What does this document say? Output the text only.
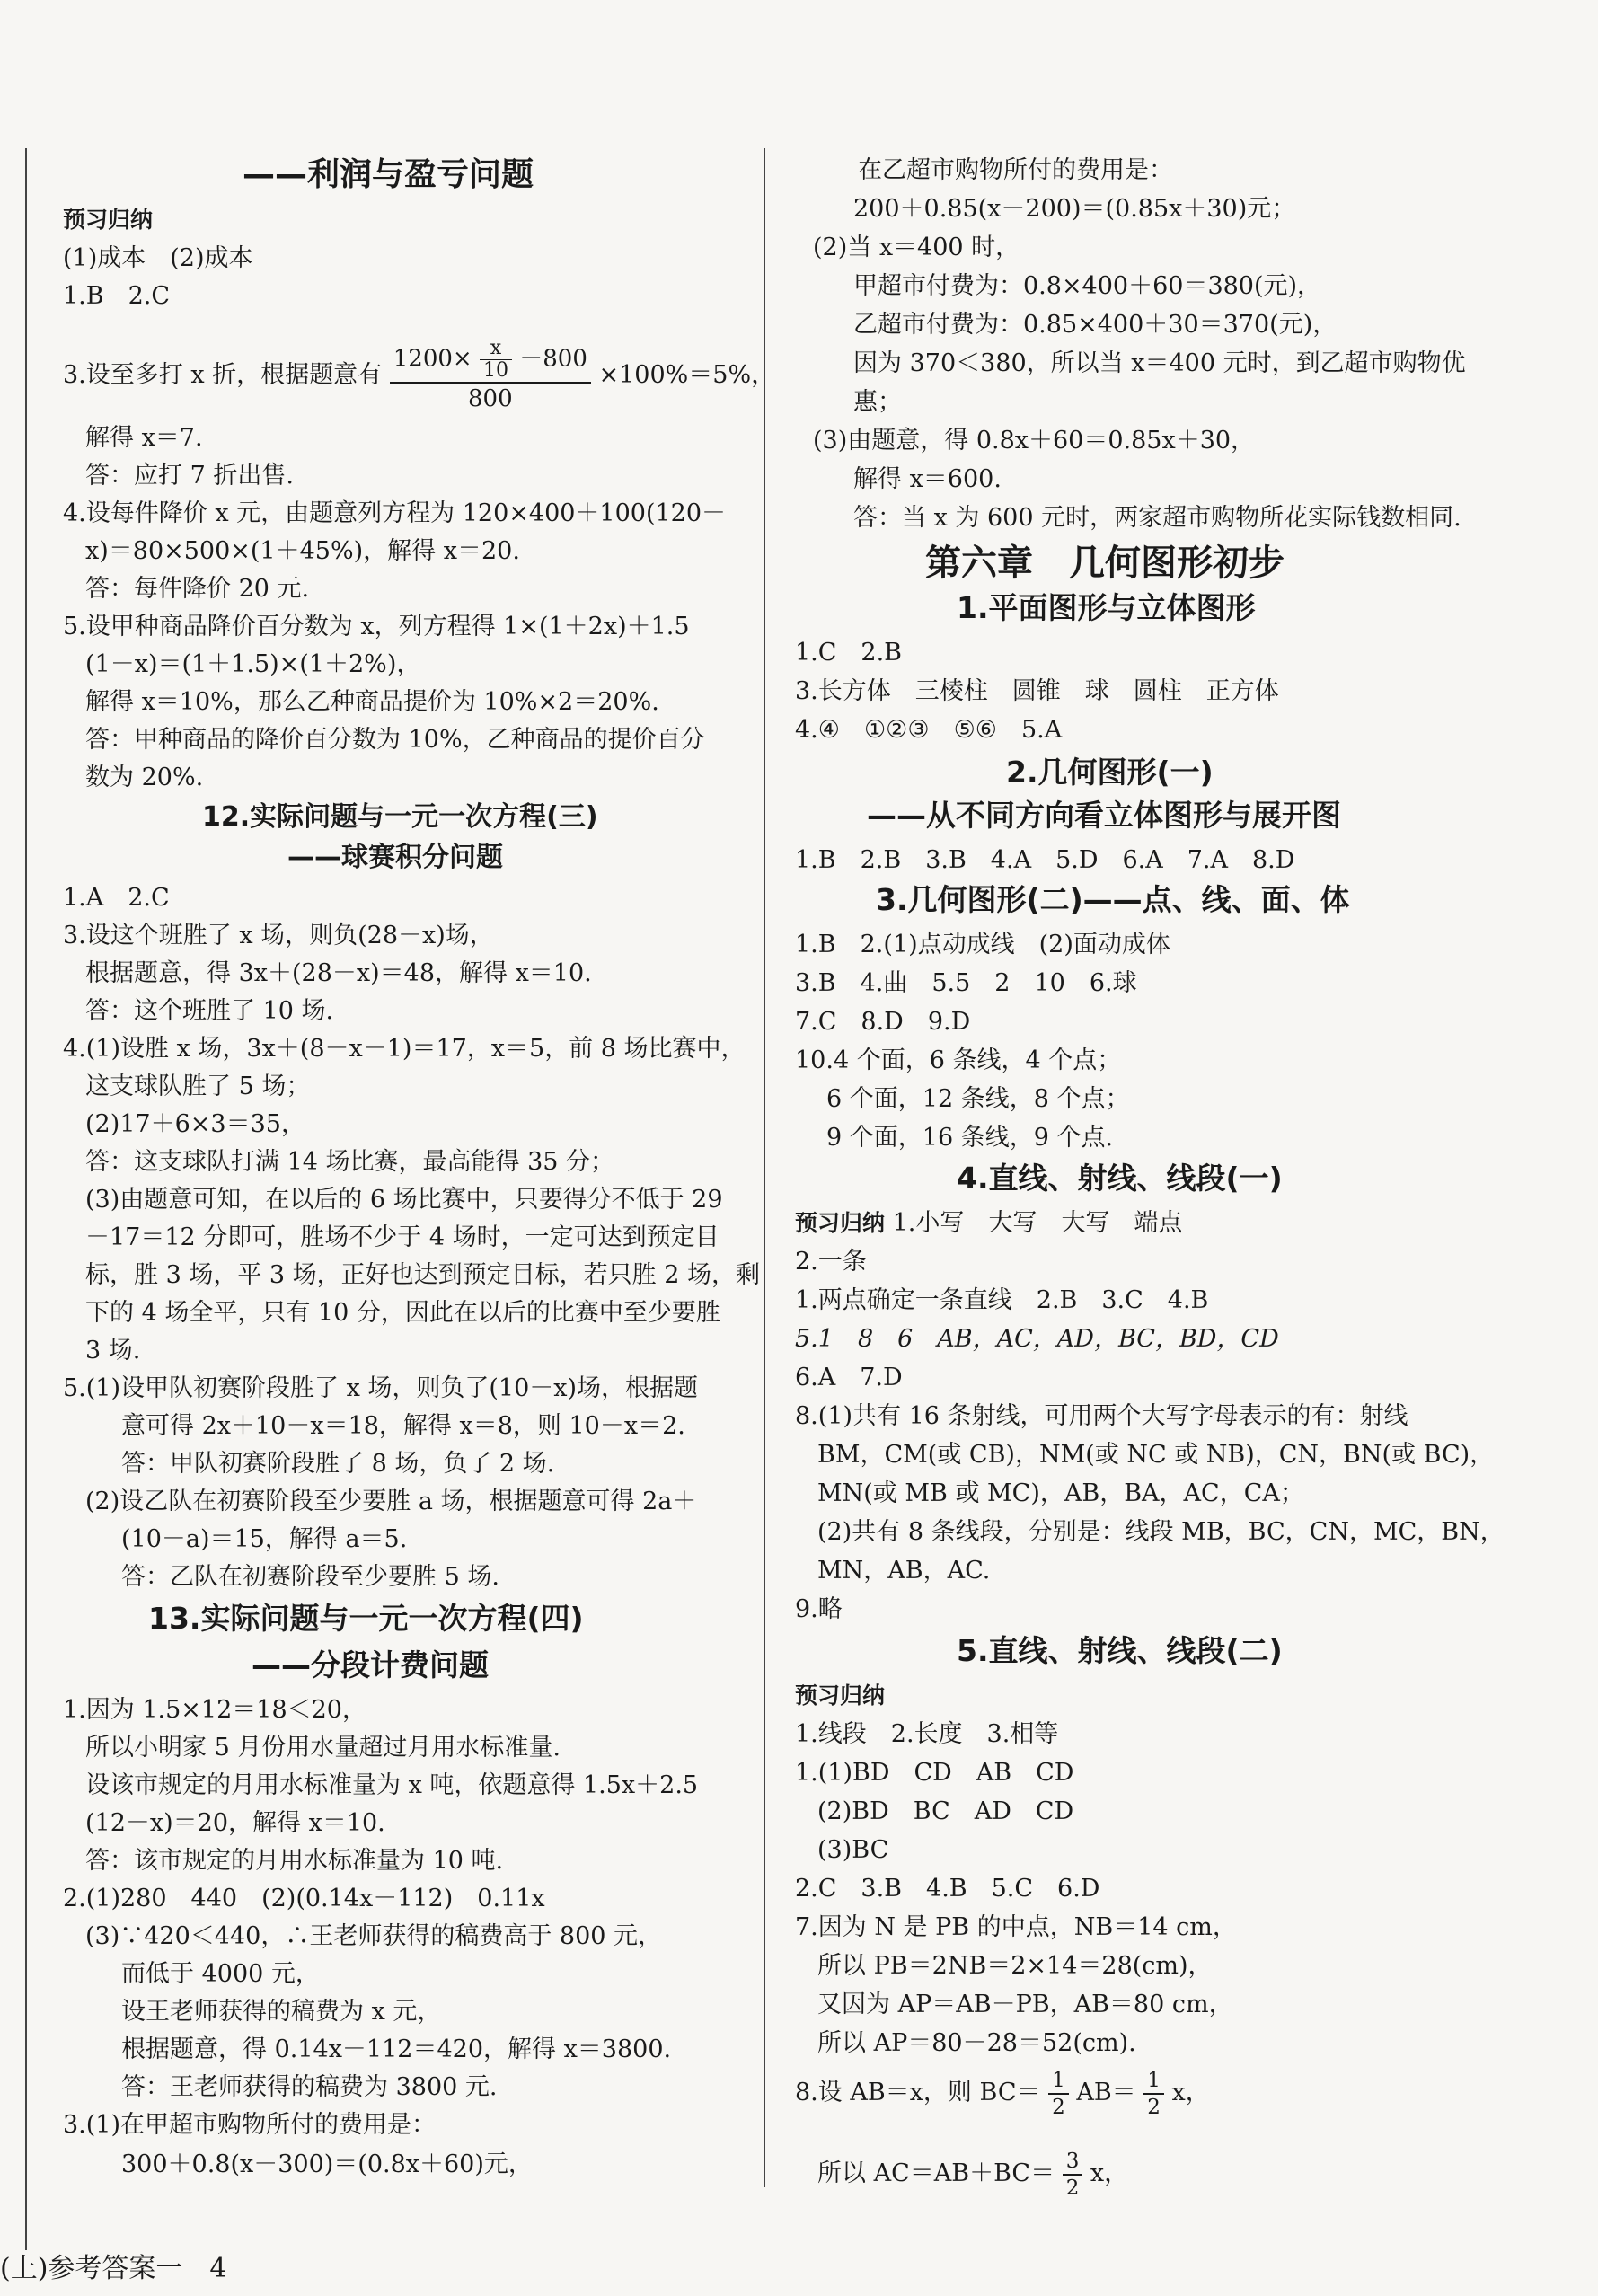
——利润与盈亏问题
预习归纳
(1)成本　(2)成本
1.B　2.C
3.设至多打 x 折，根据题意有
$1200\times \frac{x}{10} -800$
800
×100%＝5%，
解得 x＝7.
答：应打 7 折出售.
4.设每件降价 x 元，由题意列方程为 120×400＋100(120－
x)＝80×500×(1＋45%)，解得 x＝20.
答：每件降价 20 元.
5.设甲种商品降价百分数为 x，列方程得 1×(1＋2x)＋1.5
(1－x)＝(1＋1.5)×(1＋2%)，
解得 x＝10%，那么乙种商品提价为 10%×2＝20%.
答：甲种商品的降价百分数为 10%，乙种商品的提价百分
数为 20%.
12.实际问题与一元一次方程(三)
——球赛积分问题
1.A　2.C
3.设这个班胜了 x 场，则负(28－x)场，
根据题意，得 3x＋(28－x)＝48，解得 x＝10.
答：这个班胜了 10 场.
4.(1)设胜 x 场，3x＋(8－x－1)＝17，x＝5，前 8 场比赛中，
这支球队胜了 5 场；
(2)17＋6×3＝35，
答：这支球队打满 14 场比赛，最高能得 35 分；
(3)由题意可知，在以后的 6 场比赛中，只要得分不低于 29
－17＝12 分即可，胜场不少于 4 场时，一定可达到预定目
标，胜 3 场，平 3 场，正好也达到预定目标，若只胜 2 场，剩
下的 4 场全平，只有 10 分，因此在以后的比赛中至少要胜
3 场.
5.(1)设甲队初赛阶段胜了 x 场，则负了(10－x)场，根据题
意可得 2x＋10－x＝18，解得 x＝8，则 10－x＝2.
答：甲队初赛阶段胜了 8 场，负了 2 场.
(2)设乙队在初赛阶段至少要胜 a 场，根据题意可得 2a＋
(10－a)＝15，解得 a＝5.
答：乙队在初赛阶段至少要胜 5 场.
13.实际问题与一元一次方程(四)
——分段计费问题
1.因为 1.5×12＝18＜20，
所以小明家 5 月份用水量超过月用水标准量.
设该市规定的月用水标准量为 x 吨，依题意得 1.5x＋2.5
(12－x)＝20，解得 x＝10.
答：该市规定的月用水标准量为 10 吨.
2.(1)280　440　(2)(0.14x－112)　0.11x
(3)∵420＜440，∴王老师获得的稿费高于 800 元，
而低于 4000 元，
设王老师获得的稿费为 x 元，
根据题意，得 0.14x－112＝420，解得 x＝3800.
答：王老师获得的稿费为 3800 元.
3.(1)在甲超市购物所付的费用是：
300＋0.8(x－300)＝(0.8x＋60)元，
在乙超市购物所付的费用是：
200＋0.85(x－200)＝(0.85x＋30)元；
(2)当 x＝400 时，
甲超市付费为：0.8×400＋60＝380(元)，
乙超市付费为：0.85×400＋30＝370(元)，
因为 370＜380，所以当 x＝400 元时，到乙超市购物优
惠；
(3)由题意，得 0.8x＋60＝0.85x＋30，
解得 x＝600.
答：当 x 为 600 元时，两家超市购物所花实际钱数相同.
第六章　几何图形初步
1.平面图形与立体图形
1.C　2.B
3.长方体　三棱柱　圆锥　球　圆柱　正方体
4.④　①②③　⑤⑥　5.A
2.几何图形(一)
——从不同方向看立体图形与展开图
1.B　2.B　3.B　4.A　5.D　6.A　7.A　8.D
3.几何图形(二)——点、线、面、体
1.B　2.(1)点动成线　(2)面动成体
3.B　4.曲　5.5　2　10　6.球
7.C　8.D　9.D
10.4 个面，6 条线，4 个点；
6 个面，12 条线，8 个点；
9 个面，16 条线，9 个点.
4.直线、射线、线段(一)
预习归纳 1.小写　大写　大写　端点
2.一条
1.两点确定一条直线　2.B　3.C　4.B
5.1　8　6　AB，AC，AD，BC，BD，CD
6.A　7.D
8.(1)共有 16 条射线，可用两个大写字母表示的有：射线
BM，CM(或 CB)，NM(或 NC 或 NB)，CN，BN(或 BC)，
MN(或 MB 或 MC)，AB，BA，AC，CA；
(2)共有 8 条线段，分别是：线段 MB，BC，CN，MC，BN，
MN，AB，AC.
9.略
5.直线、射线、线段(二)
预习归纳
1.线段　2.长度　3.相等
1.(1)BD　CD　AB　CD
(2)BD　BC　AD　CD
(3)BC
2.C　3.B　4.B　5.C　6.D
7.因为 N 是 PB 的中点，NB＝14 cm，
所以 PB＝2NB＝2×14＝28(cm)，
又因为 AP＝AB－PB，AB＝80 cm，
所以 AP＝80－28＝52(cm).
8.设 AB＝x，则 $BC= \frac{1}{2} AB= \frac{1}{2}$ x，
所以 $AC=AB+BC= \frac{3}{2}$ x，
(上)参考答案一　4
